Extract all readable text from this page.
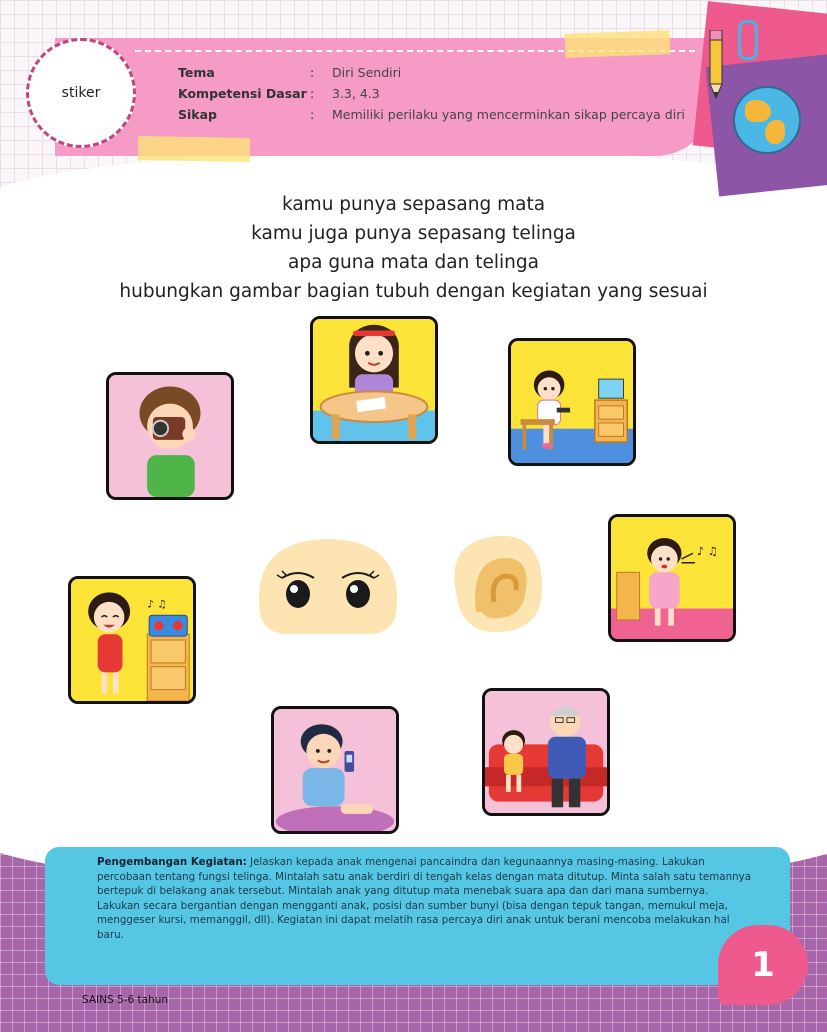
stiker
Tema	:	Diri Sendiri
Kompetensi Dasar :	3.3, 4.3
Sikap	:	Memiliki perilaku yang mencerminkan sikap percaya diri
kamu punya sepasang mata
kamu juga punya sepasang telinga
apa guna mata dan telinga
hubungkan gambar bagian tubuh dengan kegiatan yang sesuai
♪ ♫
♪ ♫
Pengembangan Kegiatan: Jelaskan kepada anak mengenai pancaindra dan kegunaannya masing-masing. Lakukan percobaan tentang fungsi telinga. Mintalah satu anak berdiri di tengah kelas dengan mata ditutup. Minta salah satu temannya bertepuk di belakang anak tersebut. Mintalah anak yang ditutup mata menebak suara apa dan dari mana sumbernya. Lakukan secara bergantian dengan mengganti anak, posisi dan sumber bunyi (bisa dengan tepuk tangan, memukul meja, menggeser kursi, memanggil, dll). Kegiatan ini dapat melatih rasa percaya diri anak untuk berani mencoba melakukan hal baru.
1
SAINS 5-6 tahun
